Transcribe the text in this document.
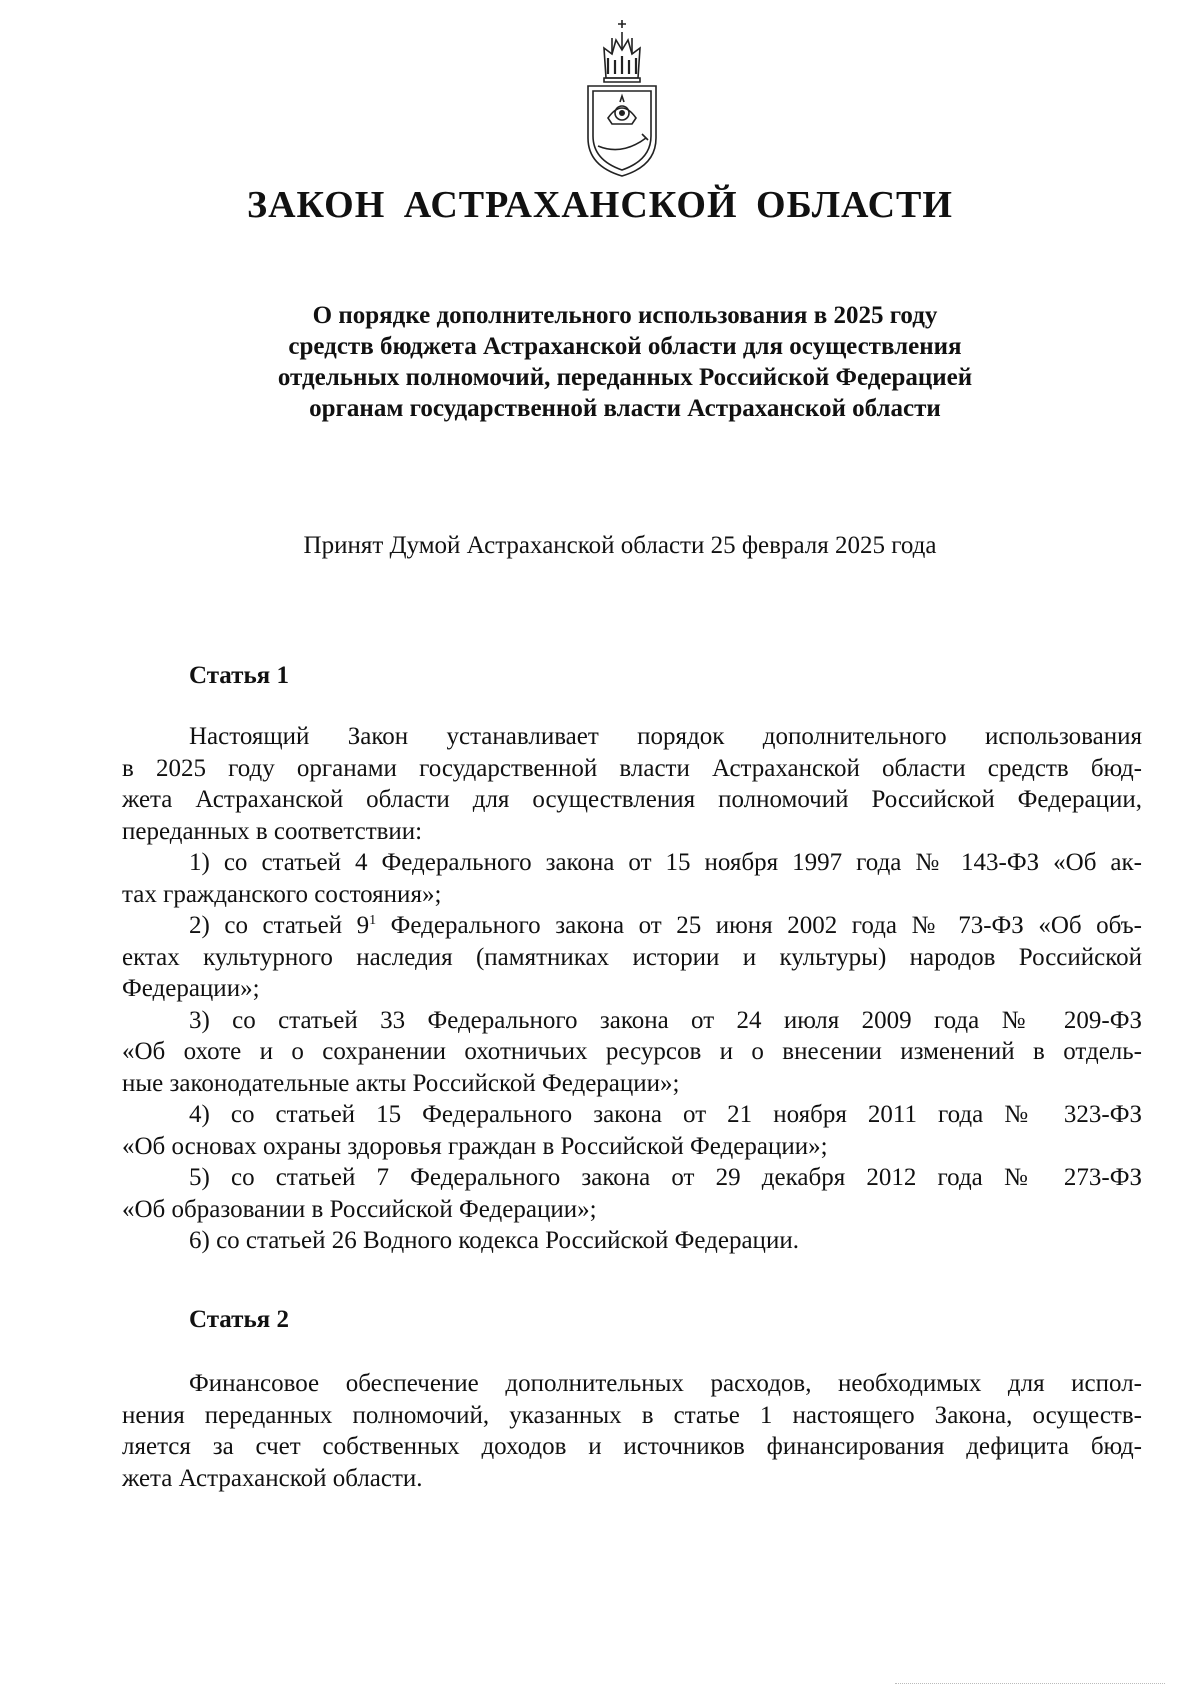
ЗАКОН АСТРАХАНСКОЙ ОБЛАСТИ
О порядке дополнительного использования в 2025 году
средств бюджета Астраханской области для осуществления
отдельных полномочий, переданных Российской Федерацией
органам государственной власти Астраханской области
Принят Думой Астраханской области 25 февраля 2025 года
Статья 1
Настоящий Закон устанавливает порядок дополнительного использования
в 2025 году органами государственной власти Астраханской области средств бюд-
жета Астраханской области для осуществления полномочий Российской Федерации,
переданных в соответствии:
1) со статьей 4 Федерального закона от 15 ноября 1997 года № 143-ФЗ «Об ак-
тах гражданского состояния»;
2) со статьей $9^1$ Федерального закона от 25 июня 2002 года № 73-ФЗ «Об объ-
ектах культурного наследия (памятниках истории и культуры) народов Российской
Федерации»;
3) со статьей 33 Федерального закона от 24 июля 2009 года № 209-ФЗ
«Об охоте и о сохранении охотничьих ресурсов и о внесении изменений в отдель-
ные законодательные акты Российской Федерации»;
4) со статьей 15 Федерального закона от 21 ноября 2011 года № 323-ФЗ
«Об основах охраны здоровья граждан в Российской Федерации»;
5) со статьей 7 Федерального закона от 29 декабря 2012 года № 273-ФЗ
«Об образовании в Российской Федерации»;
6) со статьей 26 Водного кодекса Российской Федерации.
Статья 2
Финансовое обеспечение дополнительных расходов, необходимых для испол-
нения переданных полномочий, указанных в статье 1 настоящего Закона, осуществ-
ляется за счет собственных доходов и источников финансирования дефицита бюд-
жета Астраханской области.
